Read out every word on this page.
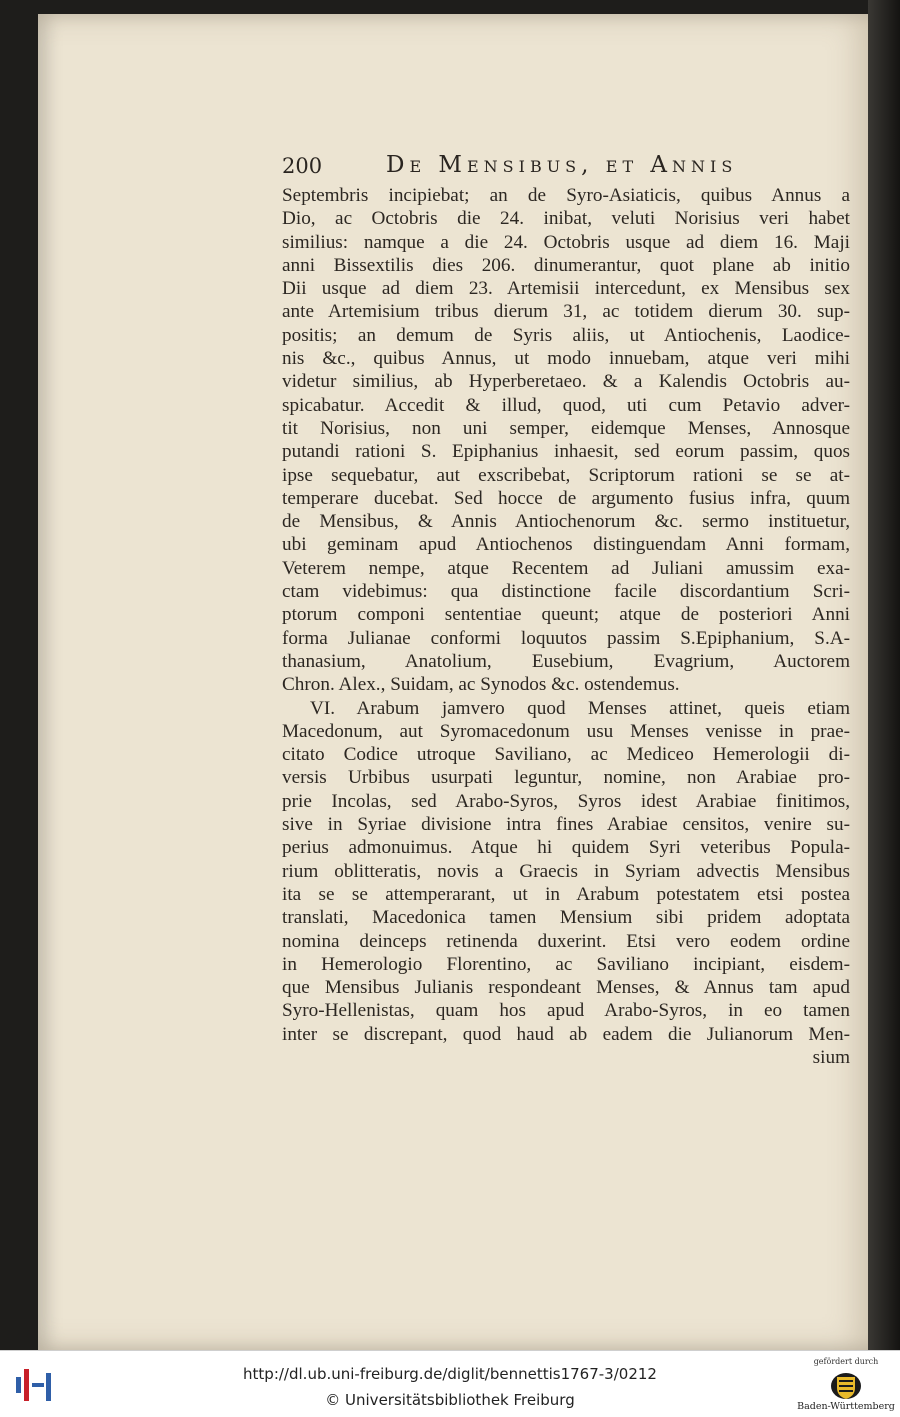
200	De Mensibus, et Annis
Septembris incipiebat; an de Syro-Asiaticis, quibus Annus a
Dio, ac Octobris die 24. inibat, veluti Norisius veri habet
similius: namque a die 24. Octobris usque ad diem 16. Maji
anni Bissextilis dies 206. dinumerantur, quot plane ab initio
Dii usque ad diem 23. Artemisii intercedunt, ex Mensibus sex
ante Artemisium tribus dierum 31, ac totidem dierum 30. sup-
positis; an demum de Syris aliis, ut Antiochenis, Laodice-
nis &c., quibus Annus, ut modo innuebam, atque veri mihi
videtur similius, ab Hyperberetaeo. & a Kalendis Octobris au-
spicabatur. Accedit & illud, quod, uti cum Petavio adver-
tit Norisius, non uni semper, eidemque Menses, Annosque
putandi rationi S. Epiphanius inhaesit, sed eorum passim, quos
ipse sequebatur, aut exscribebat, Scriptorum rationi se se at-
temperare ducebat. Sed hocce de argumento fusius infra, quum
de Mensibus, & Annis Antiochenorum &c. sermo instituetur,
ubi geminam apud Antiochenos distinguendam Anni formam,
Veterem nempe, atque Recentem ad Juliani amussim exa-
ctam videbimus: qua distinctione facile discordantium Scri-
ptorum componi sententiae queunt; atque de posteriori Anni
forma Julianae conformi loquutos passim S.Epiphanium, S.A-
thanasium, Anatolium, Eusebium, Evagrium, Auctorem
Chron. Alex., Suidam, ac Synodos &c. ostendemus.
VI. Arabum jamvero quod Menses attinet, queis etiam
Macedonum, aut Syromacedonum usu Menses venisse in prae-
citato Codice utroque Saviliano, ac Mediceo Hemerologii di-
versis Urbibus usurpati leguntur, nomine, non Arabiae pro-
prie Incolas, sed Arabo-Syros, Syros idest Arabiae finitimos,
sive in Syriae divisione intra fines Arabiae censitos, venire su-
perius admonuimus. Atque hi quidem Syri veteribus Popula-
rium oblitteratis, novis a Graecis in Syriam advectis Mensibus
ita se se attemperarant, ut in Arabum potestatem etsi postea
translati, Macedonica tamen Mensium sibi pridem adoptata
nomina deinceps retinenda duxerint. Etsi vero eodem ordine
in Hemerologio Florentino, ac Saviliano incipiant, eisdem-
que Mensibus Julianis respondeant Menses, & Annus tam apud
Syro-Hellenistas, quam hos apud Arabo-Syros, in eo tamen
inter se discrepant, quod haud ab eadem die Julianorum Men-
sium
http://dl.ub.uni-freiburg.de/diglit/bennettis1767-3/0212
© Universitätsbibliothek Freiburg
gefördert durch
Baden-Württemberg
